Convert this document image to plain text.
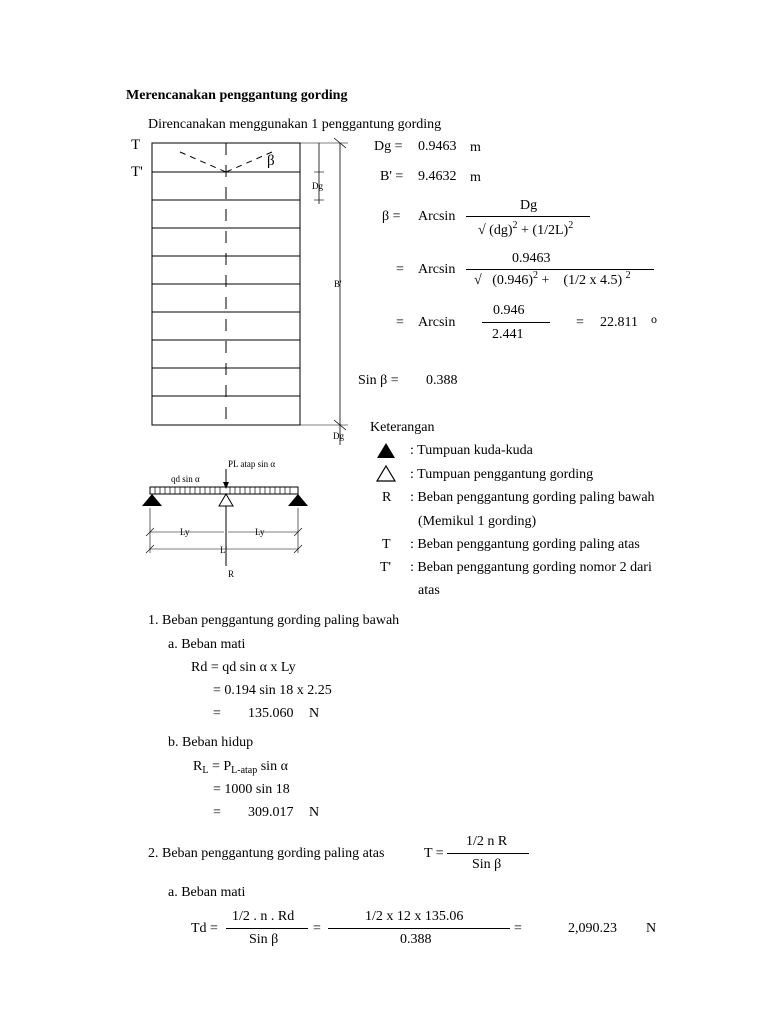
T
T'
β
Dg
B'
Dg
PL atap sin α
qd sin α
Ly	Ly
L'
R
Merencanakan penggantung gording
Direncanakan menggunakan 1 penggantung gording
Dg = 0.9463 m
B' = 9.4632 m
β = Arcsin
Dg
√ $(dg)^2 + (1/2L)^2$
= Arcsin
0.9463
√ $(0.946)^2 + (1/2$ x 4.5) $^2$
= Arcsin
0.946
2.441
= 22.811 o
Sin β = 0.388
Keterangan
: Tumpuan kuda-kuda
: Tumpuan penggantung gording
R : Beban penggantung gording paling bawah
(Memikul 1 gording)
T : Beban penggantung gording paling atas
T' : Beban penggantung gording nomor 2 dari
atas
1. Beban penggantung gording paling bawah
a. Beban mati
Rd = qd sin α x Ly
= 0.194 sin 18 x 2.25
= 135.060 N
b. Beban hidup
$R_L = P_{L-atap}$ sin α
= 1000 sin 18
= 309.017 N
2. Beban penggantung gording paling atas	T =
1/2 n R
Sin β
a. Beban mati
Td =
1/2 . n . Rd
Sin β
=
1/2 x 12 x 135.06
0.388
=	2,090.23 N
